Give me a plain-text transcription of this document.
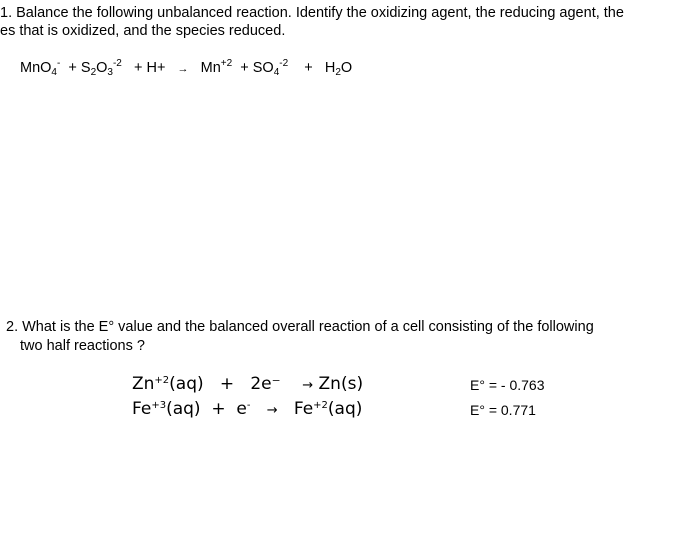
1. Balance the following unbalanced reaction. Identify the oxidizing agent, the reducing agent, the
es that is oxidized, and the species reduced.
$MnO_4^- + S_2O_3^{-2} + H+ \to Mn^{+2} + SO_4^{-2} + H_2O$
2. What is the E° value and the balanced overall reaction of a cell consisting of the following
two half reactions ?
$Zn^{+2}(aq) + 2e^- \to Zn(s)$	E° = - 0.763
$Fe^{+3}(aq) + e^- \to Fe^{+2}(aq)$	E° = 0.771
